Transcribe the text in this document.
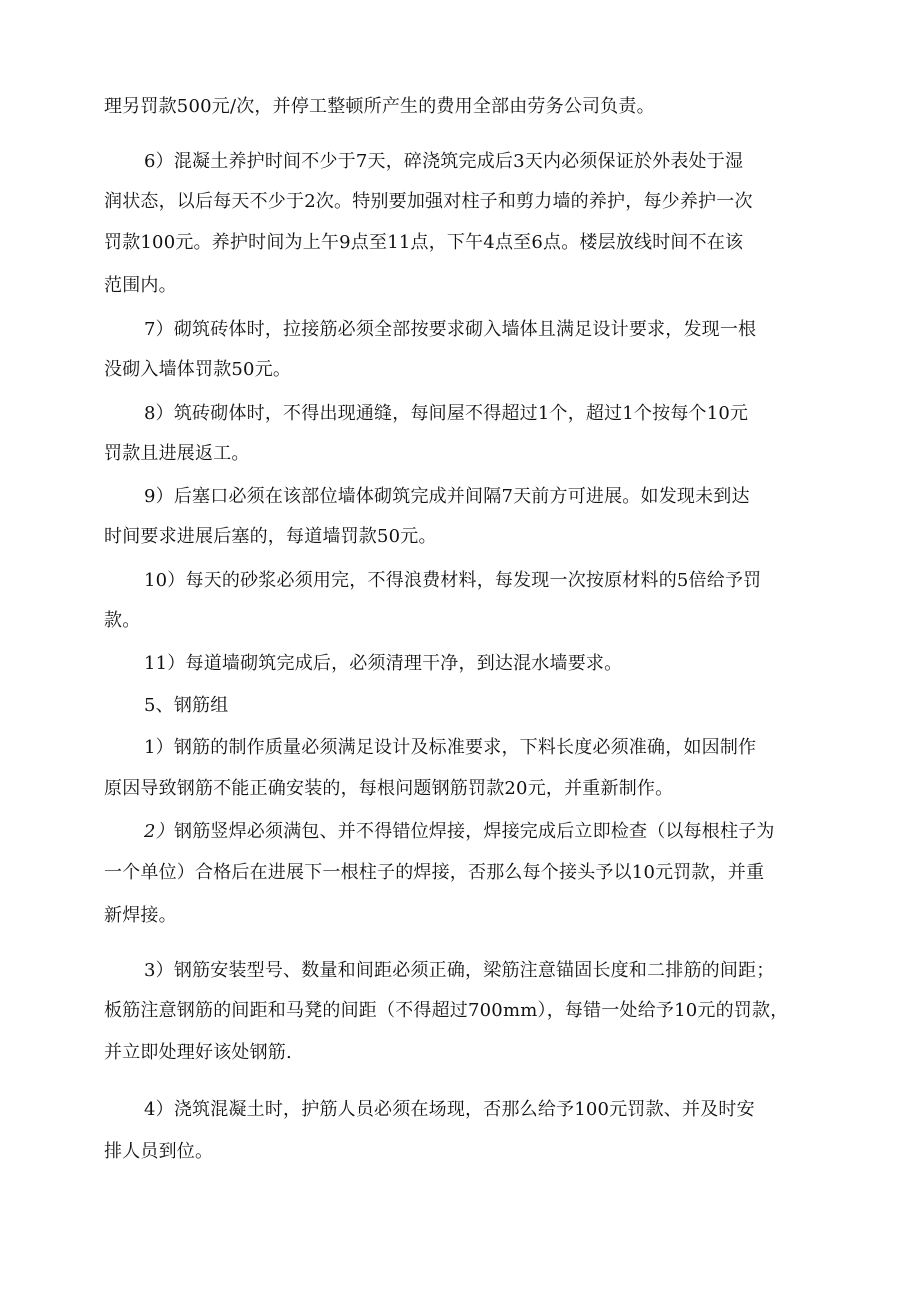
理另罚款500元/次，并停工整顿所产生的费用全部由劳务公司负责。
6）混凝土养护时间不少于7天，碎浇筑完成后3天内必须保证於外表处于湿
润状态，以后每天不少于2次。特别要加强对柱子和剪力墙的养护，每少养护一次
罚款100元。养护时间为上午9点至11点，下午4点至6点。楼层放线时间不在该
范围内。
7）砌筑砖体时，拉接筋必须全部按要求砌入墙体且满足设计要求，发现一根
没砌入墙体罚款50元。
8）筑砖砌体时，不得出现通缝，每间屋不得超过1个，超过1个按每个10元
罚款且进展返工。
9）后塞口必须在该部位墙体砌筑完成并间隔7天前方可进展。如发现未到达
时间要求进展后塞的，每道墙罚款50元。
10）每天的砂浆必须用完，不得浪费材料，每发现一次按原材料的5倍给予罚
款。
11）每道墙砌筑完成后，必须清理干净，到达混水墙要求。
5、钢筋组
1）钢筋的制作质量必须满足设计及标准要求，下料长度必须准确，如因制作
原因导致钢筋不能正确安装的，每根问题钢筋罚款20元，并重新制作。
2） 钢筋竖焊必须满包、并不得错位焊接，焊接完成后立即检查（以每根柱子为
一个单位）合格后在进展下一根柱子的焊接，否那么每个接头予以10元罚款，并重
新焊接。
3）钢筋安装型号、数量和间距必须正确，梁筋注意锚固长度和二排筋的间距；
板筋注意钢筋的间距和马凳的间距（不得超过700mm），每错一处给予10元的罚款，
并立即处理好该处钢筋.
4）浇筑混凝土时，护筋人员必须在场现，否那么给予100元罚款、并及时安
排人员到位。
